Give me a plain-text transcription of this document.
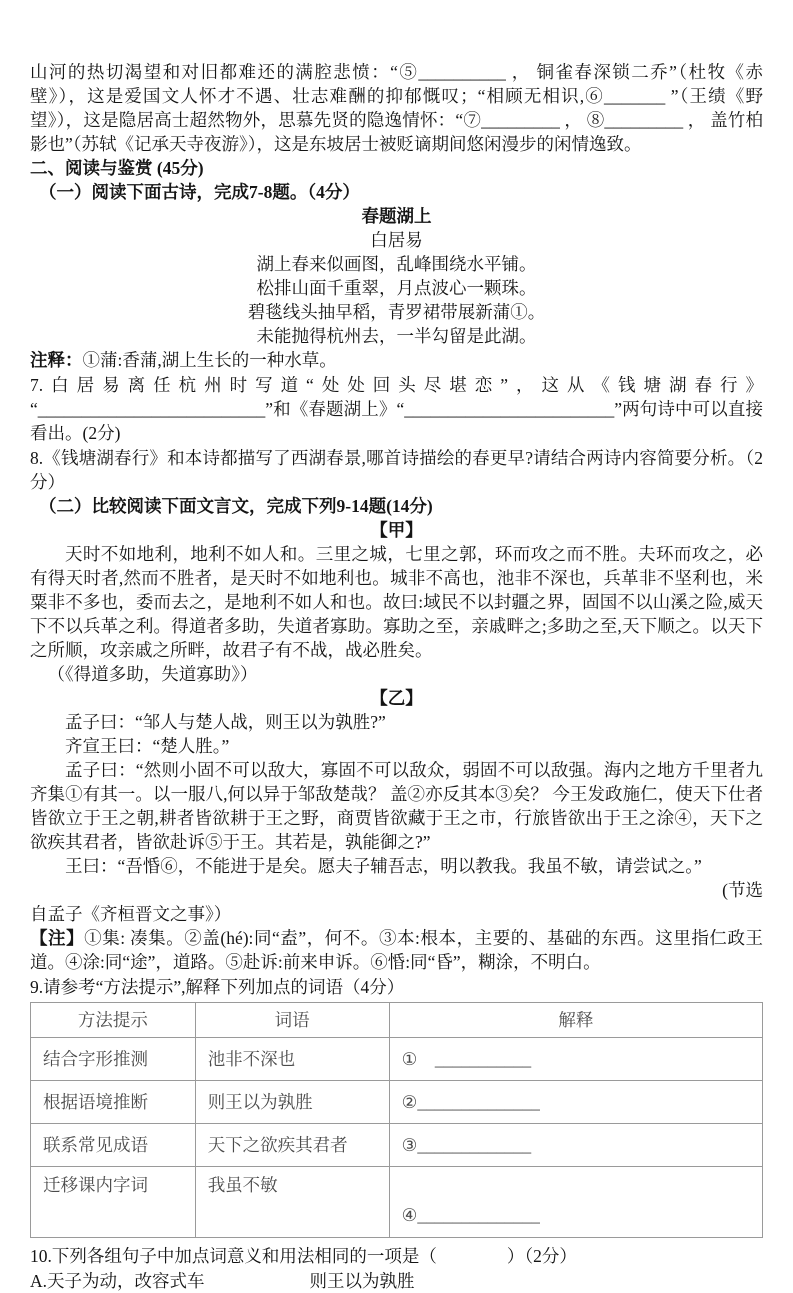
山河的热切渴望和对旧都难还的满腔悲愤：“⑤__________ ， 铜雀春深锁二乔”（杜牧《赤壁》），这是爱国文人怀才不遇、壮志难酬的抑郁慨叹；“相顾无相识,⑥_______ ”（王绩《野望》），这是隐居高士超然物外，思慕先贤的隐逸情怀：“⑦_________ ， ⑧_________ ， 盖竹柏影也”（苏轼《记承天寺夜游》），这是东坡居士被贬谪期间悠闲漫步的闲情逸致。

二、阅读与鉴赏 (45分)

（一）阅读下面古诗，完成7-8题。（4分）

春题湖上

白居易

湖上春来似画图，乱峰围绕水平铺。

松排山面千重翠，月点波心一颗珠。

碧毯线头抽早稻，青罗裙带展新蒲①。

未能抛得杭州去，一半勾留是此湖。

注释：①蒲:香蒲,湖上生长的一种水草。

7.白居易离任杭州时写道“处处回头尽堪恋”，这从《钱塘湖春行》“__________________________”和《春题湖上》“________________________”两句诗中可以直接看出。(2分)

8.《钱塘湖春行》和本诗都描写了西湖春景,哪首诗描绘的春更早?请结合两诗内容简要分析。（2分）

（二）比较阅读下面文言文，完成下列9-14题(14分)

【甲】

天时不如地利，地利不如人和。三里之城，七里之郭，环而攻之而不胜。夫环而攻之，必有得天时者,然而不胜者，是天时不如地利也。城非不高也，池非不深也，兵革非不坚利也，米粟非不多也，委而去之，是地利不如人和也。故曰:域民不以封疆之界，固国不以山溪之险,威天下不以兵革之利。得道者多助，失道者寡助。寡助之至，亲戚畔之;多助之至,天下顺之。以天下之所顺，攻亲戚之所畔，故君子有不战，战必胜矣。

（《得道多助，失道寡助》）

【乙】

孟子曰：“邹人与楚人战，则王以为孰胜?”

齐宣王曰：“楚人胜。”

孟子曰：“然则小固不可以敌大，寡固不可以敌众，弱固不可以敌强。海内之地方千里者九齐集①有其一。以一服八,何以异于邹敌楚哉？ 盖②亦反其本③矣？ 今王发政施仁，使天下仕者皆欲立于王之朝,耕者皆欲耕于王之野，商贾皆欲藏于王之市，行旅皆欲出于王之涂④，天下之欲疾其君者，皆欲赴诉⑤于王。其若是，孰能御之?”

王曰：“吾惛⑥，不能进于是矣。愿夫子辅吾志，明以教我。我虽不敏，请尝试之。”

(节选

自孟子《齐桓晋文之事》）

【注】①集: 凑集。②盖(hé):同“盍”，何不。③本:根本，主要的、基础的东西。这里指仁政王道。④涂:同“途”，道路。⑤赴诉:前来申诉。⑥惛:同“昏”，糊涂，不明白。

9.请参考“方法提示”,解释下列加点的词语（4分）

方法提示	词语	解释
结合字形推测	池非不深也	①　___________
根据语境推断	则王以为孰胜	②______________
联系常见成语	天下之欲疾其君者	③_____________
迁移课内字词	我虽不敏	④______________

10.下列各组句子中加点词意义和用法相同的一项是（　　　　）（2分）

A.天子为动，改容式车　　　　　　则王以为孰胜
